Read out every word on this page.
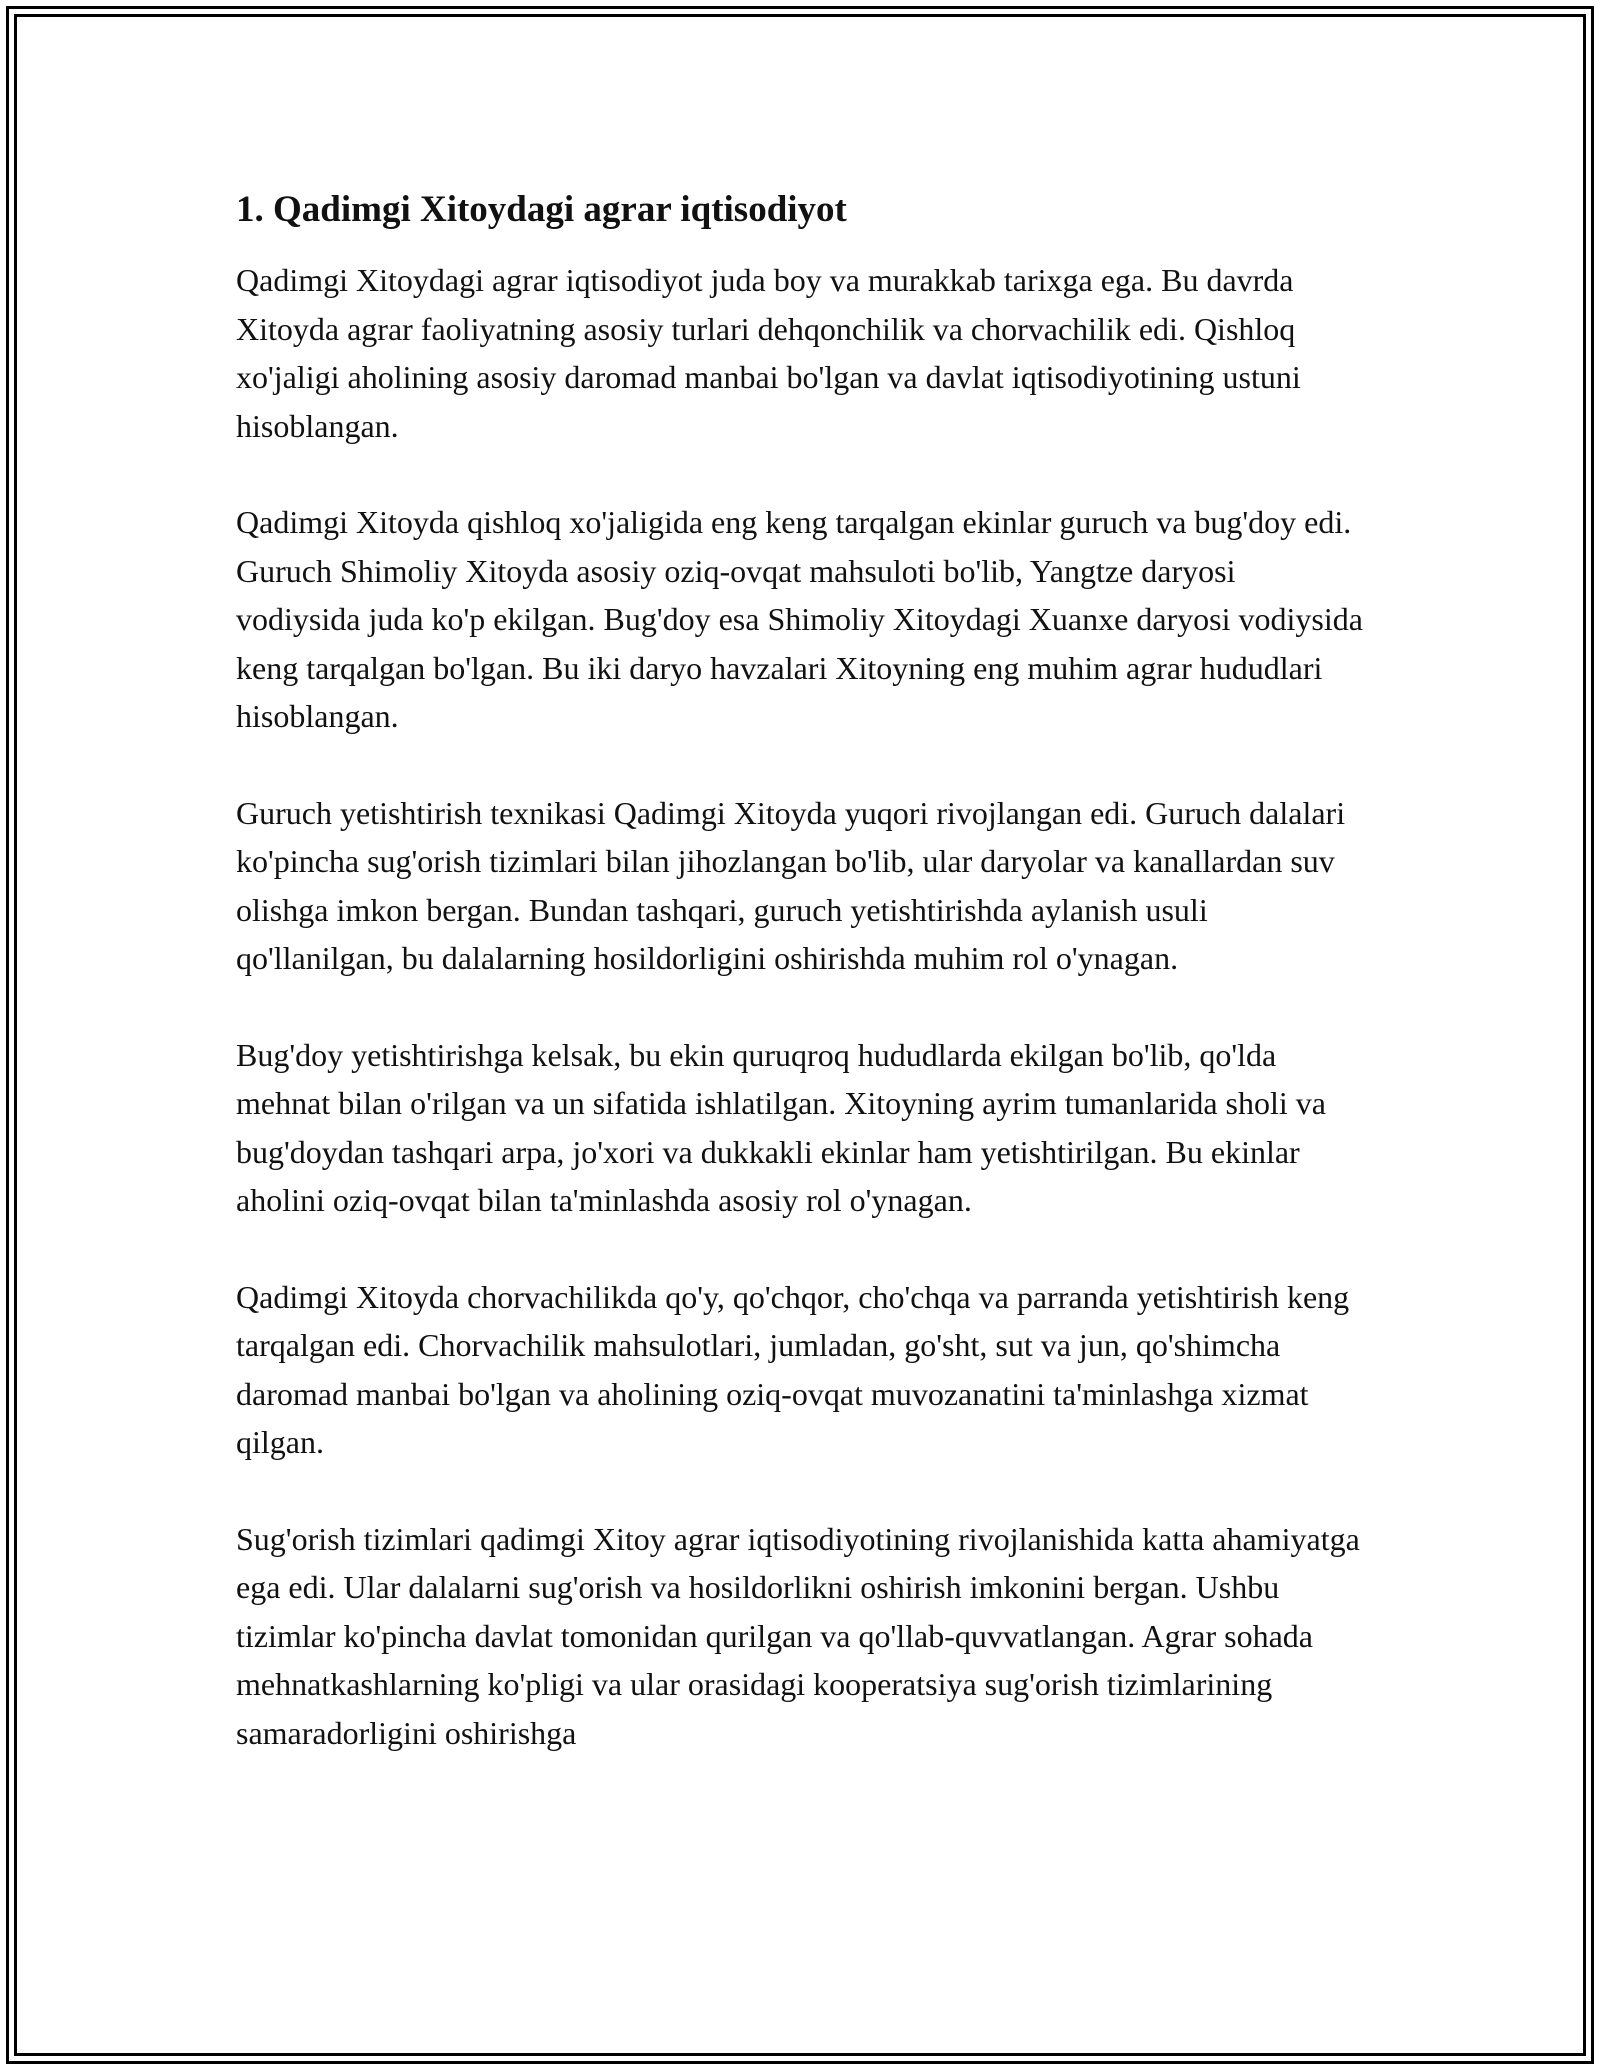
1. Qadimgi Xitoydagi agrar iqtisodiyot

Qadimgi Xitoydagi agrar iqtisodiyot juda boy va murakkab tarixga ega. Bu davrda Xitoyda agrar faoliyatning asosiy turlari dehqonchilik va chorvachilik edi. Qishloq xo'jaligi aholining asosiy daromad manbai bo'lgan va davlat iqtisodiyotining ustuni hisoblangan.

Qadimgi Xitoyda qishloq xo'jaligida eng keng tarqalgan ekinlar guruch va bug'doy edi. Guruch Shimoliy Xitoyda asosiy oziq-ovqat mahsuloti bo'lib, Yangtze daryosi vodiysida juda ko'p ekilgan. Bug'doy esa Shimoliy Xitoydagi Xuanxe daryosi vodiysida keng tarqalgan bo'lgan. Bu iki daryo havzalari Xitoyning eng muhim agrar hududlari hisoblangan.

Guruch yetishtirish texnikasi Qadimgi Xitoyda yuqori rivojlangan edi. Guruch dalalari ko'pincha sug'orish tizimlari bilan jihozlangan bo'lib, ular daryolar va kanallardan suv olishga imkon bergan. Bundan tashqari, guruch yetishtirishda aylanish usuli qo'llanilgan, bu dalalarning hosildorligini oshirishda muhim rol o'ynagan.

Bug'doy yetishtirishga kelsak, bu ekin quruqroq hududlarda ekilgan bo'lib, qo'lda mehnat bilan o'rilgan va un sifatida ishlatilgan. Xitoyning ayrim tumanlarida sholi va bug'doydan tashqari arpa, jo'xori va dukkakli ekinlar ham yetishtirilgan. Bu ekinlar aholini oziq-ovqat bilan ta'minlashda asosiy rol o'ynagan.

Qadimgi Xitoyda chorvachilikda qo'y, qo'chqor, cho'chqa va parranda yetishtirish keng tarqalgan edi. Chorvachilik mahsulotlari, jumladan, go'sht, sut va jun, qo'shimcha daromad manbai bo'lgan va aholining oziq-ovqat muvozanatini ta'minlashga xizmat qilgan.

Sug'orish tizimlari qadimgi Xitoy agrar iqtisodiyotining rivojlanishida katta ahamiyatga ega edi. Ular dalalarni sug'orish va hosildorlikni oshirish imkonini bergan. Ushbu tizimlar ko'pincha davlat tomonidan qurilgan va qo'llab-quvvatlangan. Agrar sohada mehnatkashlarning ko'pligi va ular orasidagi kooperatsiya sug'orish tizimlarining samaradorligini oshirishga
